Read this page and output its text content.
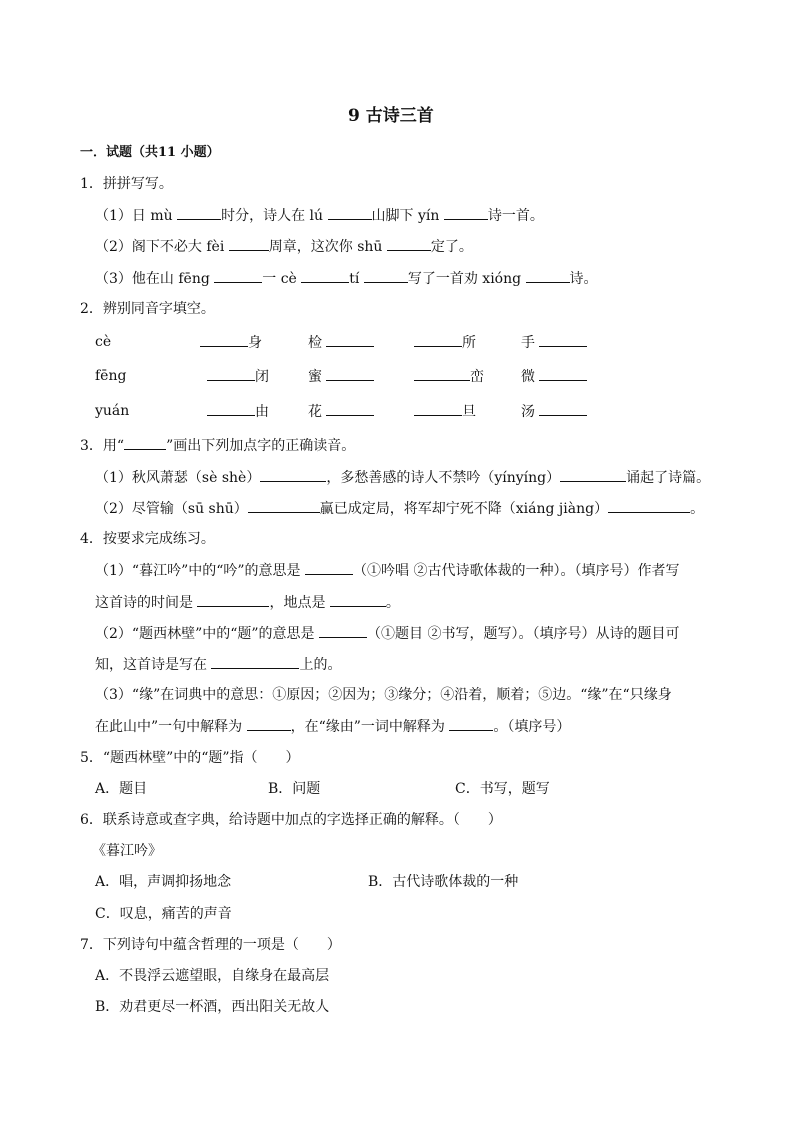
9 古诗三首
一．试题（共11 小题）
1．拼拼写写。
（1）日 mù	时分，诗人在 lú	山脚下 yín	诗一首。
（2）阁下不必大 fèi	周章，这次你 shū	定了。
（3）他在山 fēng	一 cè	tí	写了一首劝 xióng	诗。
2．辨别同音字填空。
cè	身	检	所	手
fēng	闭	蜜	峦	微
yuán	由	花	旦	汤
3．用“	”画出下列加点字的正确读音。
（1）秋风萧瑟（sè shè）	，多愁善感的诗人不禁吟（yínyíng）	诵起了诗篇。
（2）尽管输（sū shū）	赢已成定局，将军却宁死不降（xiáng jiàng）	。
4．按要求完成练习。
（1）“暮江吟”中的“吟”的意思是	（①吟唱 ②古代诗歌体裁的一种）。（填序号）作者写
这首诗的时间是	，地点是	。
（2）“题西林壁”中的“题”的意思是	（①题目 ②书写，题写）。（填序号）从诗的题目可
知，这首诗是写在	上的。
（3）“缘”在词典中的意思：①原因；②因为；③缘分；④沿着，顺着；⑤边。“缘”在“只缘身
在此山中”一句中解释为	，在“缘由”一词中解释为	。（填序号）
5．“题西林壁”中的“题”指（　　）
A．题目	B．问题	C．书写，题写
6．联系诗意或查字典，给诗题中加点的字选择正确的解释。（　　）
《暮江吟》
A．唱，声调抑扬地念	B．古代诗歌体裁的一种
C．叹息，痛苦的声音
7．下列诗句中蕴含哲理的一项是（　　）
A．不畏浮云遮望眼，自缘身在最高层
B．劝君更尽一杯酒，西出阳关无故人
